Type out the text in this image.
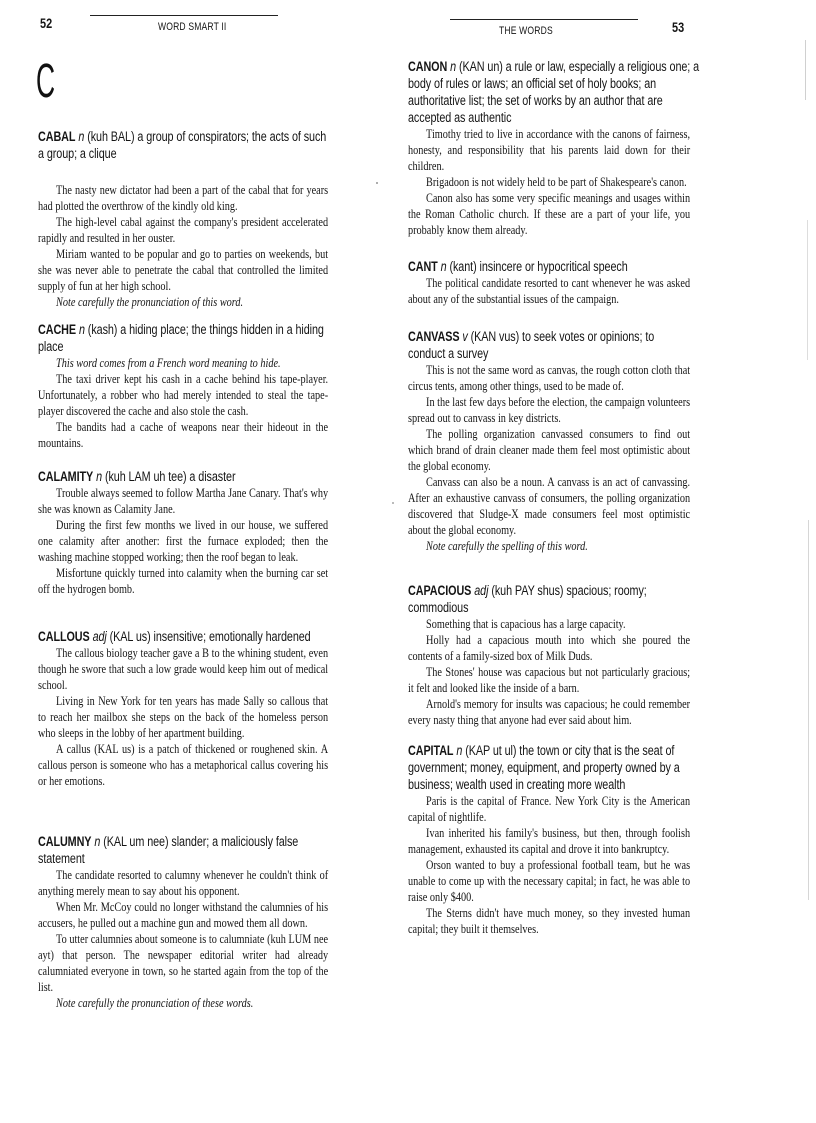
52	WORD SMART II
C
CABAL n (kuh BAL) a group of conspirators; the acts of such a group; a clique

The nasty new dictator had been a part of the cabal that for years had plotted the overthrow of the kindly old king.

The high-level cabal against the company's president accelerated rapidly and resulted in her ouster.

Miriam wanted to be popular and go to parties on weekends, but she was never able to penetrate the cabal that controlled the limited supply of fun at her high school.

Note carefully the pronunciation of this word.

CACHE n (kash) a hiding place; the things hidden in a hiding place

This word comes from a French word meaning to hide.

The taxi driver kept his cash in a cache behind his tape-player. Unfortunately, a robber who had merely intended to steal the tape-player discovered the cache and also stole the cash.

The bandits had a cache of weapons near their hideout in the mountains.

CALAMITY n (kuh LAM uh tee) a disaster

Trouble always seemed to follow Martha Jane Canary. That's why she was known as Calamity Jane.

During the first few months we lived in our house, we suffered one calamity after another: first the furnace exploded; then the washing machine stopped working; then the roof began to leak.

Misfortune quickly turned into calamity when the burning car set off the hydrogen bomb.

CALLOUS adj (KAL us) insensitive; emotionally hardened

The callous biology teacher gave a B to the whining student, even though he swore that such a low grade would keep him out of medical school.

Living in New York for ten years has made Sally so callous that to reach her mailbox she steps on the back of the homeless person who sleeps in the lobby of her apartment building.

A callus (KAL us) is a patch of thickened or roughened skin. A callous person is someone who has a metaphorical callus covering his or her emotions.

CALUMNY n (KAL um nee) slander; a maliciously false statement

The candidate resorted to calumny whenever he couldn't think of anything merely mean to say about his opponent.

When Mr. McCoy could no longer withstand the calumnies of his accusers, he pulled out a machine gun and mowed them all down.

To utter calumnies about someone is to calumniate (kuh LUM nee ayt) that person. The newspaper editorial writer had already calumniated everyone in town, so he started again from the top of the list.

Note carefully the pronunciation of these words.

THE WORDS	53
CANON n (KAN un) a rule or law, especially a religious one; a body of rules or laws; an official set of holy books; an authoritative list; the set of works by an author that are accepted as authentic

Timothy tried to live in accordance with the canons of fairness, honesty, and responsibility that his parents laid down for their children.

Brigadoon is not widely held to be part of Shakespeare's canon.

Canon also has some very specific meanings and usages within the Roman Catholic church. If these are a part of your life, you probably know them already.

CANT n (kant) insincere or hypocritical speech

The political candidate resorted to cant whenever he was asked about any of the substantial issues of the campaign.

CANVASS v (KAN vus) to seek votes or opinions; to conduct a survey

This is not the same word as canvas, the rough cotton cloth that circus tents, among other things, used to be made of.

In the last few days before the election, the campaign volunteers spread out to canvass in key districts.

The polling organization canvassed consumers to find out which brand of drain cleaner made them feel most optimistic about the global economy.

Canvass can also be a noun. A canvass is an act of canvassing. After an exhaustive canvass of consumers, the polling organization discovered that Sludge-X made consumers feel most optimistic about the global economy.

Note carefully the spelling of this word.

CAPACIOUS adj (kuh PAY shus) spacious; roomy; commodious

Something that is capacious has a large capacity.

Holly had a capacious mouth into which she poured the contents of a family-sized box of Milk Duds.

The Stones' house was capacious but not particularly gracious; it felt and looked like the inside of a barn.

Arnold's memory for insults was capacious; he could remember every nasty thing that anyone had ever said about him.

CAPITAL n (KAP ut ul) the town or city that is the seat of government; money, equipment, and property owned by a business; wealth used in creating more wealth

Paris is the capital of France. New York City is the American capital of nightlife.

Ivan inherited his family's business, but then, through foolish management, exhausted its capital and drove it into bankruptcy.

Orson wanted to buy a professional football team, but he was unable to come up with the necessary capital; in fact, he was able to raise only $400.

The Sterns didn't have much money, so they invested human capital; they built it themselves.
